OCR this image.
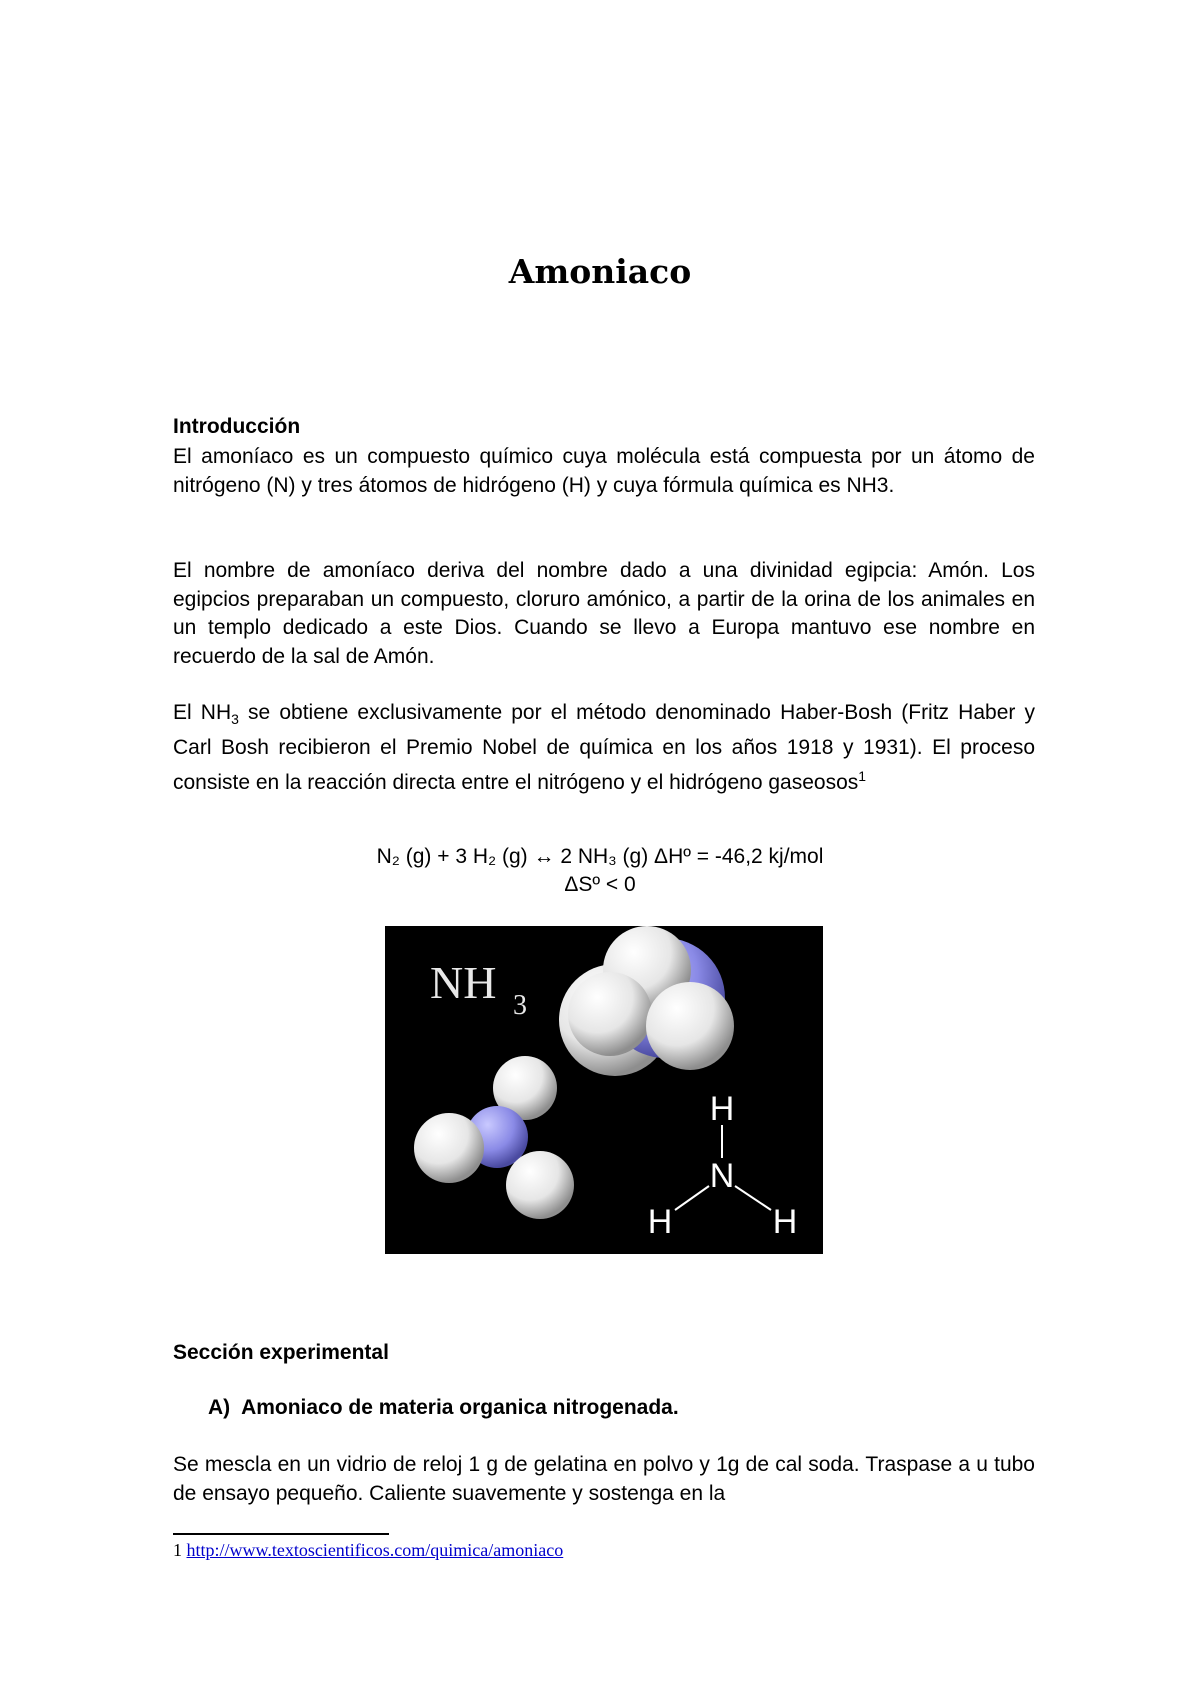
Amoniaco
Introducción

El amoníaco es un compuesto químico cuya molécula está compuesta por un átomo de nitrógeno (N) y tres átomos de hidrógeno (H) y cuya fórmula química es NH3.

El nombre de amoníaco deriva del nombre dado a una divinidad egipcia: Amón. Los egipcios preparaban un compuesto, cloruro amónico, a partir de la orina de los animales en un templo dedicado a este Dios. Cuando se llevo a Europa mantuvo ese nombre en recuerdo de la sal de Amón.

El $NH_3$ se obtiene exclusivamente por el método denominado Haber-Bosh (Fritz Haber y Carl Bosh recibieron el Premio Nobel de química en los años 1918 y 1931). El proceso consiste en la reacción directa entre el nitrógeno y el hidrógeno gaseosos$^1$

N₂ (g) + 3 H₂ (g) ↔ 2 NH₃ (g) ΔHº = -46,2 kj/mol

ΔSº < 0

NH 3
H
N
H	H
Sección experimental
A) Amoniaco de materia organica nitrogenada.

Se mescla en un vidrio de reloj 1 g de gelatina en polvo y 1g de cal soda. Traspase a u tubo de ensayo pequeño. Caliente suavemente y sostenga en la

1 http://www.textoscientificos.com/quimica/amoniaco
